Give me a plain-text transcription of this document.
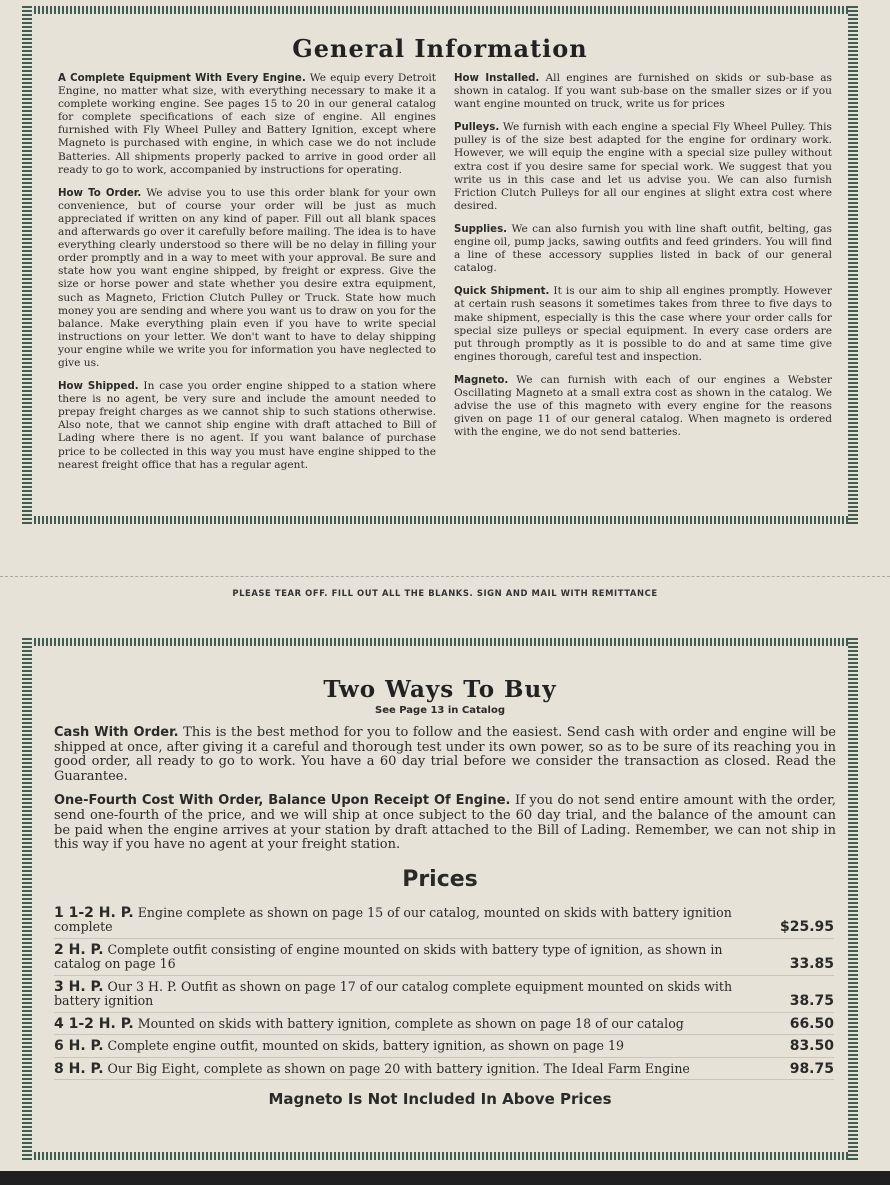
General Information

A Complete Equipment With Every Engine. We equip every Detroit Engine, no matter what size, with everything necessary to make it a complete working engine. See pages 15 to 20 in our general catalog for complete specifications of each size of engine. All engines furnished with Fly Wheel Pulley and Battery Ignition, except where Magneto is purchased with engine, in which case we do not include Batteries. All shipments properly packed to arrive in good order all ready to go to work, accompanied by instructions for operating.

How To Order. We advise you to use this order blank for your own convenience, but of course your order will be just as much appreciated if written on any kind of paper. Fill out all blank spaces and afterwards go over it carefully before mailing. The idea is to have everything clearly understood so there will be no delay in filling your order promptly and in a way to meet with your approval. Be sure and state how you want engine shipped, by freight or express. Give the size or horse power and state whether you desire extra equipment, such as Magneto, Friction Clutch Pulley or Truck. State how much money you are sending and where you want us to draw on you for the balance. Make everything plain even if you have to write special instructions on your letter. We don't want to have to delay shipping your engine while we write you for information you have neglected to give us.

How Shipped. In case you order engine shipped to a station where there is no agent, be very sure and include the amount needed to prepay freight charges as we cannot ship to such stations otherwise. Also note, that we cannot ship engine with draft attached to Bill of Lading where there is no agent. If you want balance of purchase price to be collected in this way you must have engine shipped to the nearest freight office that has a regular agent.

How Installed. All engines are furnished on skids or sub-base as shown in catalog. If you want sub-base on the smaller sizes or if you want engine mounted on truck, write us for prices

Pulleys. We furnish with each engine a special Fly Wheel Pulley. This pulley is of the size best adapted for the engine for ordinary work. However, we will equip the engine with a special size pulley without extra cost if you desire same for special work. We suggest that you write us in this case and let us advise you. We can also furnish Friction Clutch Pulleys for all our engines at slight extra cost where desired.

Supplies. We can also furnish you with line shaft outfit, belting, gas engine oil, pump jacks, sawing outfits and feed grinders. You will find a line of these accessory supplies listed in back of our general catalog.

Quick Shipment. It is our aim to ship all engines promptly. However at certain rush seasons it sometimes takes from three to five days to make shipment, especially is this the case where your order calls for special size pulleys or special equipment. In every case orders are put through promptly as it is possible to do and at same time give engines thorough, careful test and inspection.

Magneto. We can furnish with each of our engines a Webster Oscillating Magneto at a small extra cost as shown in the catalog. We advise the use of this magneto with every engine for the reasons given on page 11 of our general catalog. When magneto is ordered with the engine, we do not send batteries.

PLEASE TEAR OFF. FILL OUT ALL THE BLANKS. SIGN AND MAIL WITH REMITTANCE
Two Ways To Buy
See Page 13 in Catalog

Cash With Order. This is the best method for you to follow and the easiest. Send cash with order and engine will be shipped at once, after giving it a careful and thorough test under its own power, so as to be sure of its reaching you in good order, all ready to go to work. You have a 60 day trial before we consider the transaction as closed. Read the Guarantee.

One-Fourth Cost With Order, Balance Upon Receipt Of Engine. If you do not send entire amount with the order, send one-fourth of the price, and we will ship at once subject to the 60 day trial, and the balance of the amount can be paid when the engine arrives at your station by draft attached to the Bill of Lading. Remember, we can not ship in this way if you have no agent at your freight station.

Prices
1 1-2 H. P. Engine complete as shown on page 15 of our catalog, mounted on skids with battery ignition complete	$25.95
2 H. P. Complete outfit consisting of engine mounted on skids with battery type of ignition, as shown in catalog on page 16	33.85
3 H. P. Our 3 H. P. Outfit as shown on page 17 of our catalog complete equipment mounted on skids with battery ignition	38.75
4 1-2 H. P. Mounted on skids with battery ignition, complete as shown on page 18 of our catalog	66.50
6 H. P. Complete engine outfit, mounted on skids, battery ignition, as shown on page 19	83.50
8 H. P. Our Big Eight, complete as shown on page 20 with battery ignition. The Ideal Farm Engine	98.75
Magneto Is Not Included In Above Prices
